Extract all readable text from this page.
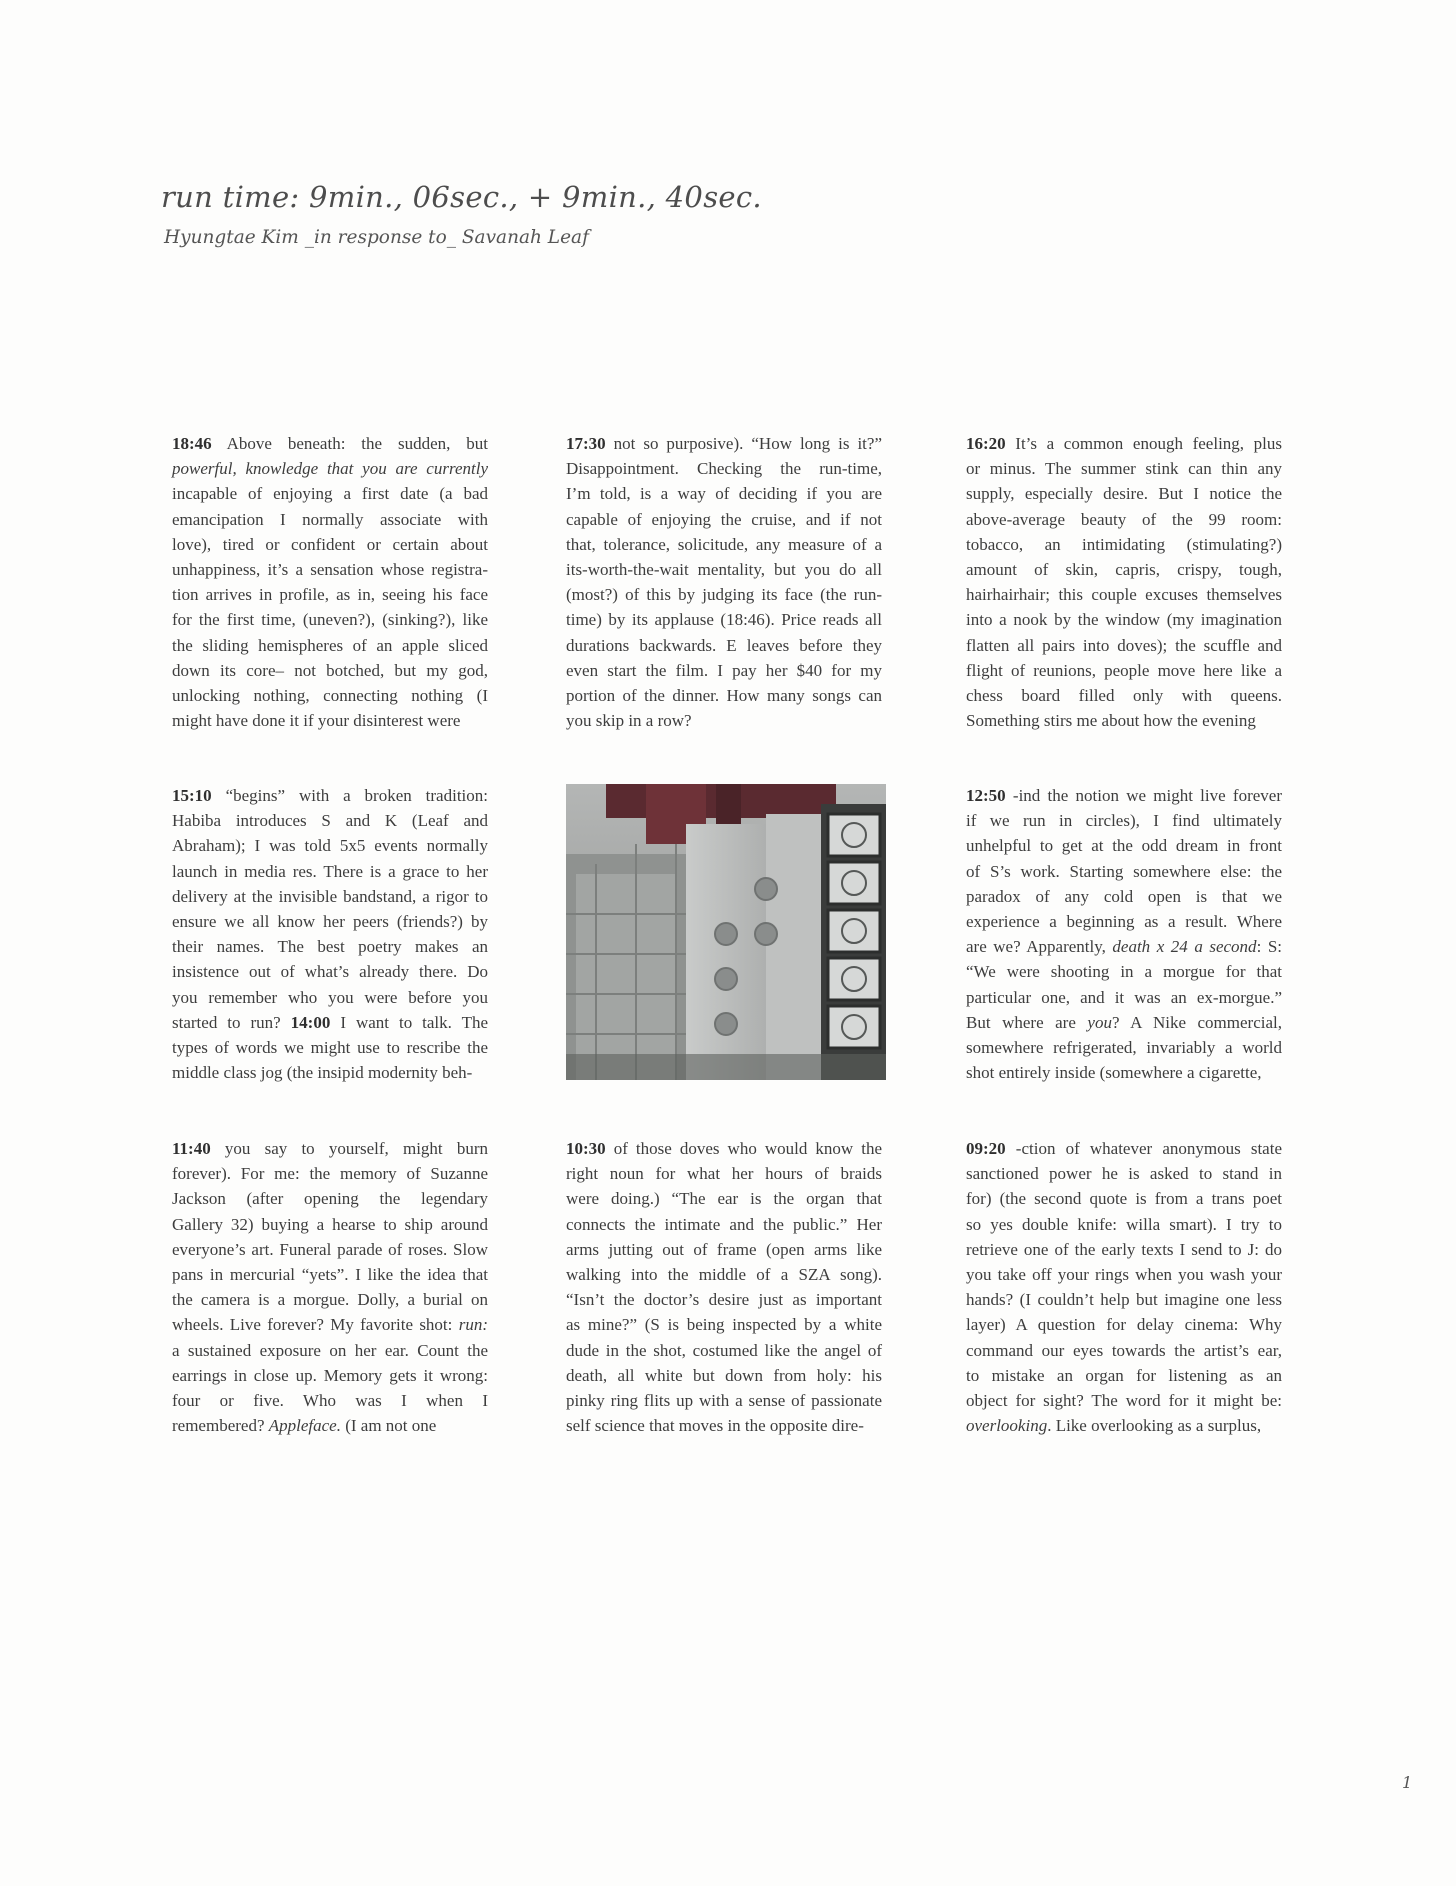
run time: 9min., 06sec., + 9min., 40sec.
Hyungtae Kim _in response to_ Savanah Leaf
18:46 Above beneath: the sudden, but
powerful, knowledge that you are currently
incapable of enjoying a first date (a bad
emancipation I normally associate with
love), tired or confident or certain about
unhappiness, it’s a sensation whose registra-
tion arrives in profile, as in, seeing his face
for the first time, (uneven?), (sinking?), like
the sliding hemispheres of an apple sliced
down its core– not botched, but my god,
unlocking nothing, connecting nothing (I
might have done it if your disinterest were
17:30 not so purposive). “How long is it?”
Disappointment. Checking the run-time,
I’m told, is a way of deciding if you are
capable of enjoying the cruise, and if not
that, tolerance, solicitude, any measure of a
its-worth-the-wait mentality, but you do all
(most?) of this by judging its face (the run-
time) by its applause (18:46). Price reads all
durations backwards. E leaves before they
even start the film. I pay her $40 for my
portion of the dinner. How many songs can
you skip in a row?
16:20 It’s a common enough feeling, plus
or minus. The summer stink can thin any
supply, especially desire. But I notice the
above-average beauty of the 99 room:
tobacco, an intimidating (stimulating?)
amount of skin, capris, crispy, tough,
hairhairhair; this couple excuses themselves
into a nook by the window (my imagination
flatten all pairs into doves); the scuffle and
flight of reunions, people move here like a
chess board filled only with queens.
Something stirs me about how the evening
15:10 “begins” with a broken tradition:
Habiba introduces S and K (Leaf and
Abraham); I was told 5x5 events normally
launch in media res. There is a grace to her
delivery at the invisible bandstand, a rigor to
ensure we all know her peers (friends?) by
their names. The best poetry makes an
insistence out of what’s already there. Do
you remember who you were before you
started to run? 14:00 I want to talk. The
types of words we might use to rescribe the
middle class jog (the insipid modernity beh-
12:50 -ind the notion we might live forever
if we run in circles), I find ultimately
unhelpful to get at the odd dream in front
of S’s work. Starting somewhere else: the
paradox of any cold open is that we
experience a beginning as a result. Where
are we? Apparently, death x 24 a second: S:
“We were shooting in a morgue for that
particular one, and it was an ex-morgue.”
But where are you? A Nike commercial,
somewhere refrigerated, invariably a world
shot entirely inside (somewhere a cigarette,
11:40 you say to yourself, might burn
forever). For me: the memory of Suzanne
Jackson (after opening the legendary
Gallery 32) buying a hearse to ship around
everyone’s art. Funeral parade of roses. Slow
pans in mercurial “yets”. I like the idea that
the camera is a morgue. Dolly, a burial on
wheels. Live forever? My favorite shot: run:
a sustained exposure on her ear. Count the
earrings in close up. Memory gets it wrong:
four or five. Who was I when I
remembered? Appleface. (I am not one
10:30 of those doves who would know the
right noun for what her hours of braids
were doing.) “The ear is the organ that
connects the intimate and the public.” Her
arms jutting out of frame (open arms like
walking into the middle of a SZA song).
“Isn’t the doctor’s desire just as important
as mine?” (S is being inspected by a white
dude in the shot, costumed like the angel of
death, all white but down from holy: his
pinky ring flits up with a sense of passionate
self science that moves in the opposite dire-
09:20 -ction of whatever anonymous state
sanctioned power he is asked to stand in
for) (the second quote is from a trans poet
so yes double knife: willa smart). I try to
retrieve one of the early texts I send to J: do
you take off your rings when you wash your
hands? (I couldn’t help but imagine one less
layer) A question for delay cinema: Why
command our eyes towards the artist’s ear,
to mistake an organ for listening as an
object for sight? The word for it might be:
overlooking. Like overlooking as a surplus,
1
